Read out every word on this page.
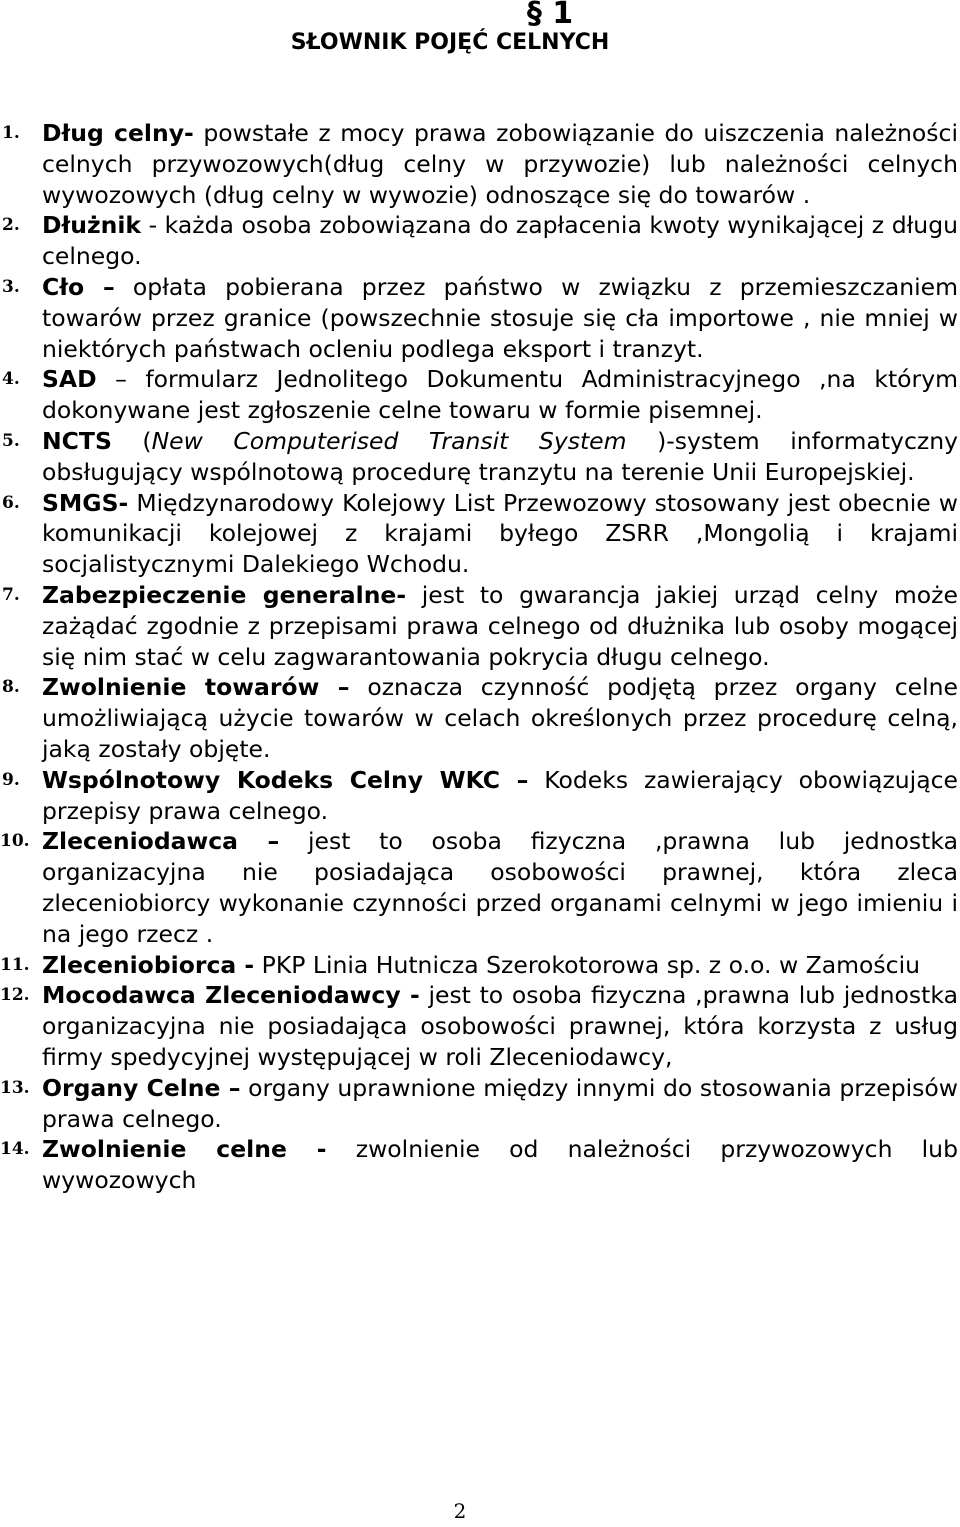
§ 1
SŁOWNIK POJĘĆ CELNYCH
1. Dług celny- powstałe z mocy prawa zobowiązanie do uiszczenia należności celnych przywozowych(dług celny w przywozie) lub należności celnych wywozowych (dług celny w wywozie) odnoszące się do towarów .
2. Dłużnik - każda osoba zobowiązana do zapłacenia kwoty wynikającej z długu celnego.
3. Cło – opłata pobierana przez państwo w związku z przemieszczaniem towarów przez granice (powszechnie stosuje się cła importowe , nie mniej w niektórych państwach ocleniu podlega eksport i tranzyt.
4. SAD – formularz Jednolitego Dokumentu Administracyjnego ,na którym dokonywane jest zgłoszenie celne towaru w formie pisemnej.
5. NCTS (New Computerised Transit System )-system informatyczny obsługujący wspólnotową procedurę tranzytu na terenie Unii Europejskiej.
6. SMGS- Międzynarodowy Kolejowy List Przewozowy stosowany jest obecnie w komunikacji kolejowej z krajami byłego ZSRR ,Mongolią i krajami socjalistycznymi Dalekiego Wchodu.
7. Zabezpieczenie generalne- jest to gwarancja jakiej urząd celny może zażądać zgodnie z przepisami prawa celnego od dłużnika lub osoby mogącej się nim stać w celu zagwarantowania pokrycia długu celnego.
8. Zwolnienie towarów – oznacza czynność podjętą przez organy celne umożliwiającą użycie towarów w celach określonych przez procedurę celną, jaką zostały objęte.
9. Wspólnotowy Kodeks Celny WKC – Kodeks zawierający obowiązujące przepisy prawa celnego.
10. Zleceniodawca – jest to osoba fizyczna ,prawna lub jednostka organizacyjna nie posiadająca osobowości prawnej, która zleca zleceniobiorcy wykonanie czynności przed organami celnymi w jego imieniu i na jego rzecz .
11. Zleceniobiorca - PKP Linia Hutnicza Szerokotorowa sp. z o.o. w Zamościu
12. Mocodawca Zleceniodawcy - jest to osoba fizyczna ,prawna lub jednostka organizacyjna nie posiadająca osobowości prawnej, która korzysta z usług firmy spedycyjnej występującej w roli Zleceniodawcy,
13. Organy Celne – organy uprawnione między innymi do stosowania przepisów prawa celnego.
14. Zwolnienie celne - zwolnienie od należności przywozowych lub wywozowych
2
